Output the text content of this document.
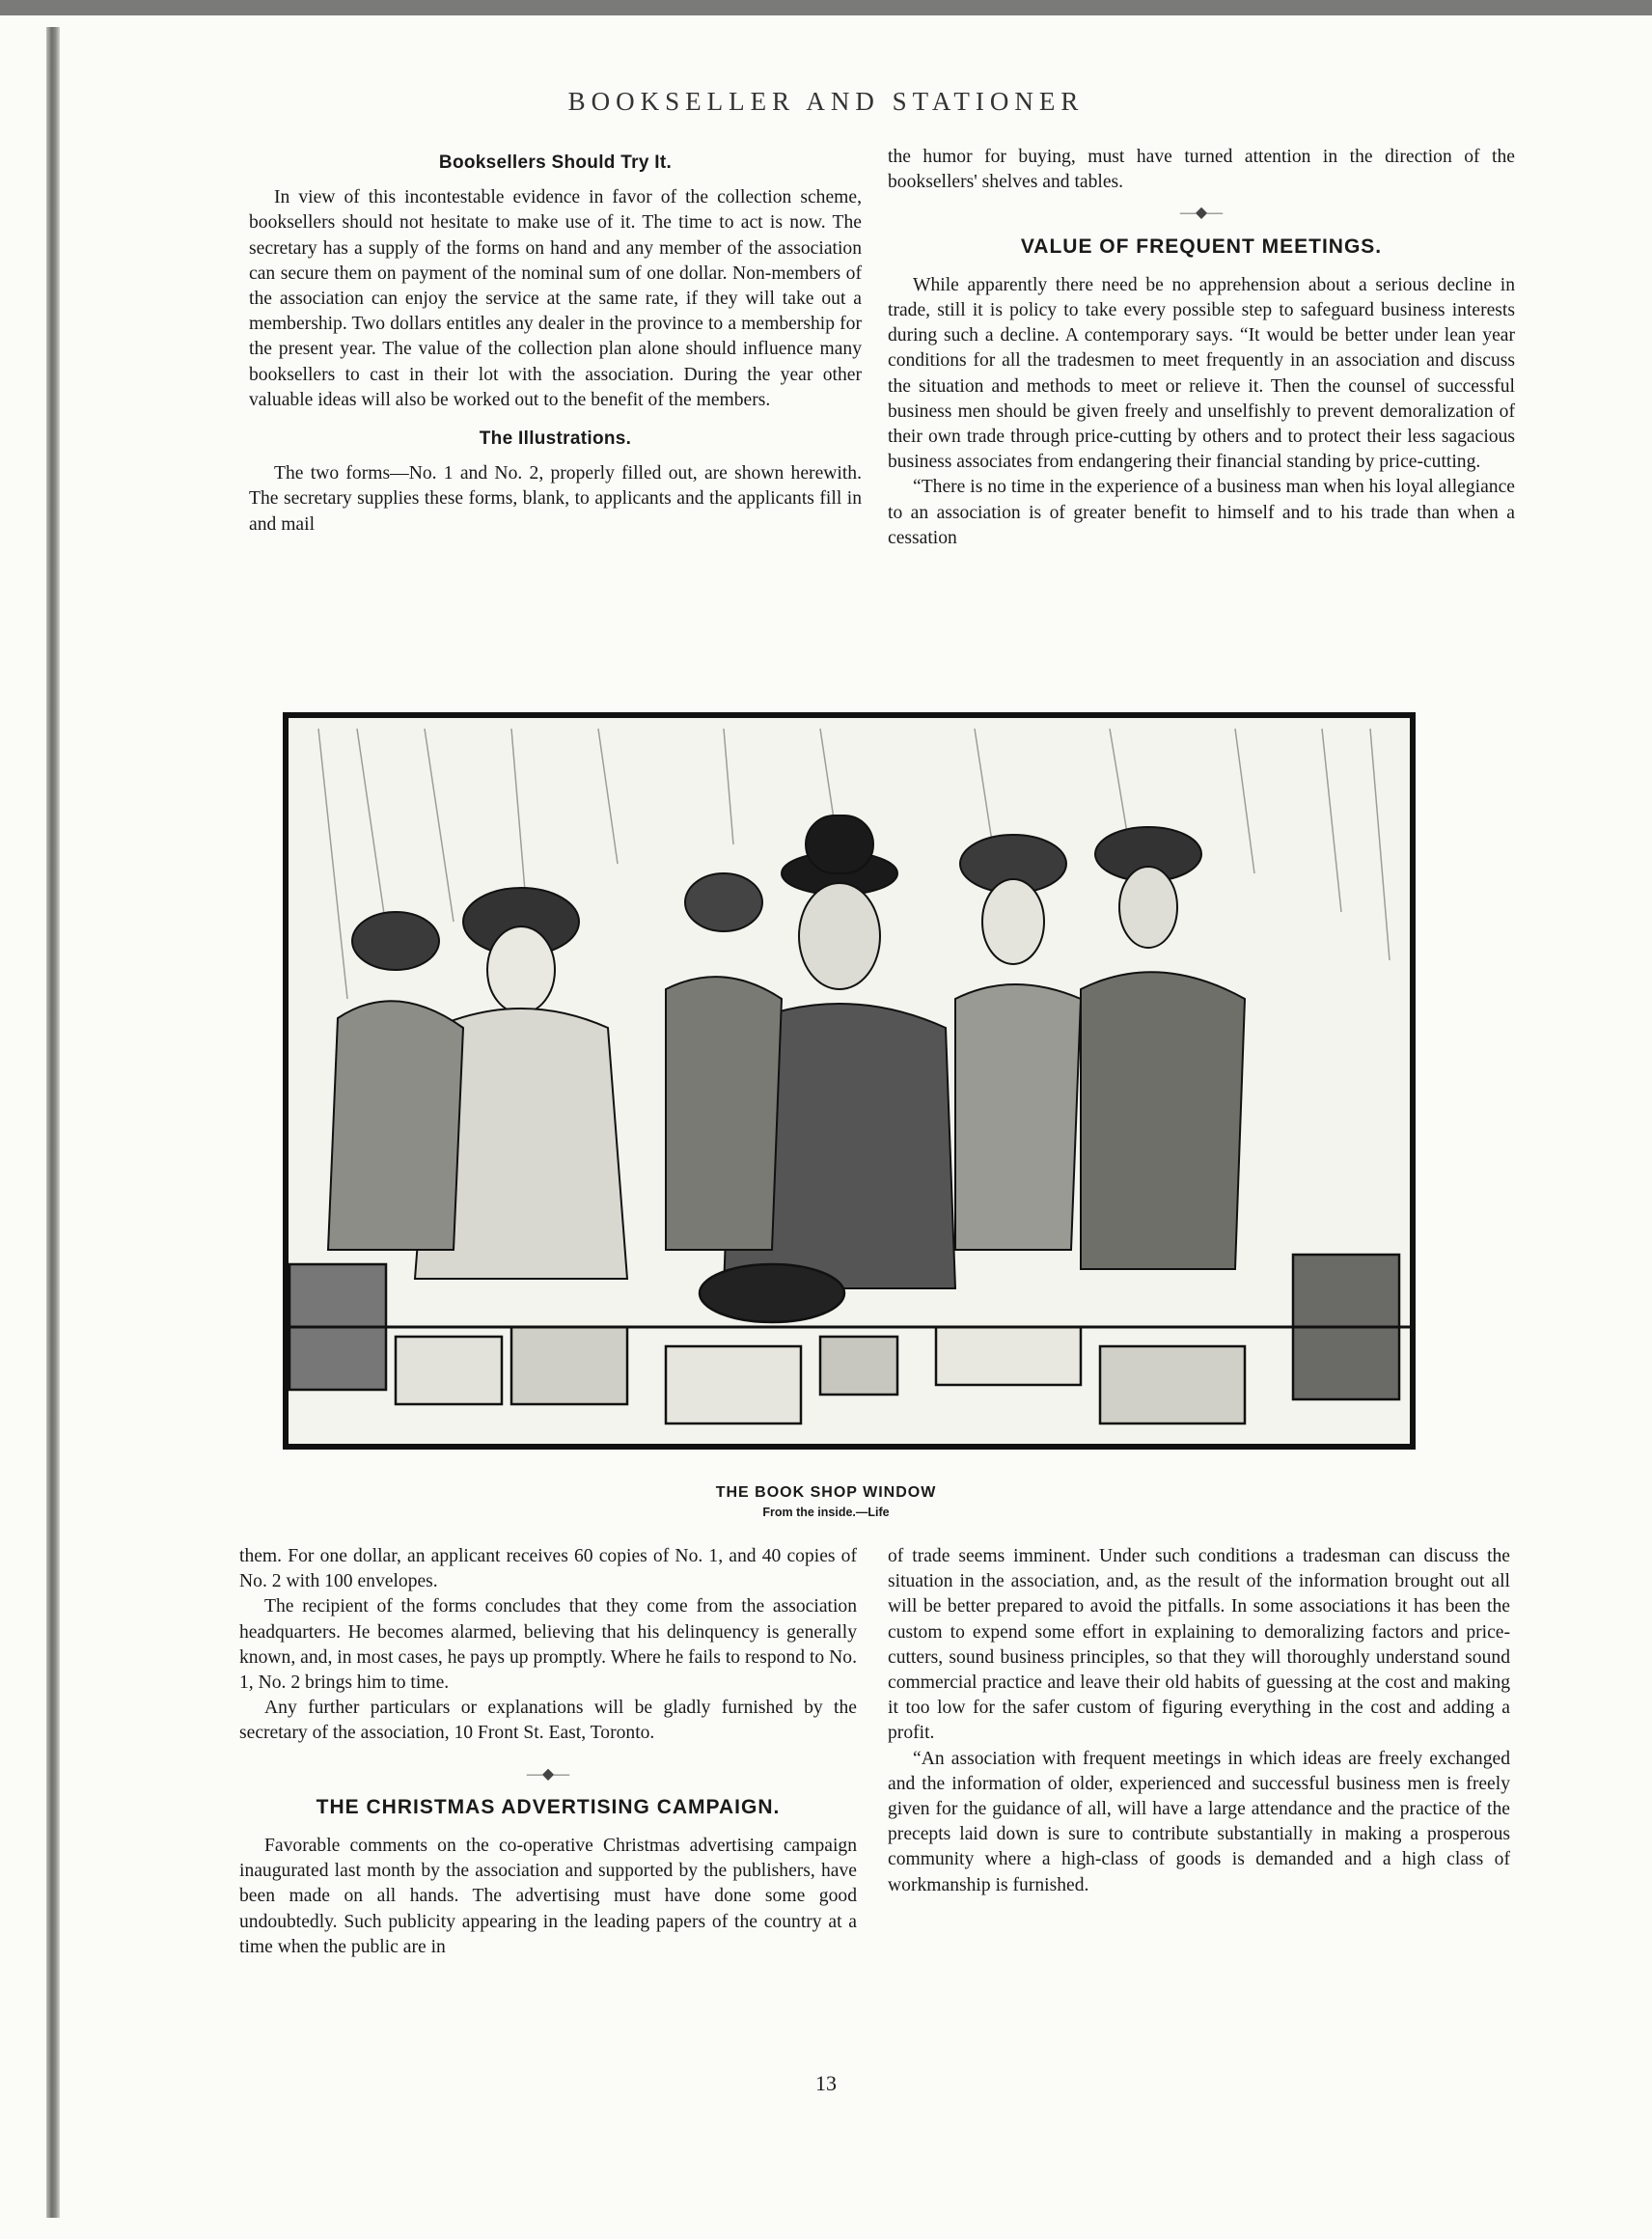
BOOKSELLER AND STATIONER
Booksellers Should Try It.

In view of this incontestable evidence in favor of the collection scheme, booksellers should not hesitate to make use of it. The time to act is now. The secretary has a supply of the forms on hand and any member of the association can secure them on payment of the nominal sum of one dollar. Non-members of the association can enjoy the service at the same rate, if they will take out a membership. Two dollars entitles any dealer in the province to a membership for the present year. The value of the collection plan alone should influence many booksellers to cast in their lot with the association. During the year other valuable ideas will also be worked out to the benefit of the members.

The Illustrations.

The two forms—No. 1 and No. 2, properly filled out, are shown herewith. The secretary supplies these forms, blank, to applicants and the applicants fill in and mail

the humor for buying, must have turned attention in the direction of the booksellers' shelves and tables.

—◆—
VALUE OF FREQUENT MEETINGS.

While apparently there need be no apprehension about a serious decline in trade, still it is policy to take every possible step to safeguard business interests during such a decline. A contemporary says. “It would be better under lean year conditions for all the tradesmen to meet frequently in an association and discuss the situation and methods to meet or relieve it. Then the counsel of successful business men should be given freely and unselfishly to prevent demoralization of their own trade through price-cutting by others and to protect their less sagacious business associates from endangering their financial standing by price-cutting.

“There is no time in the experience of a business man when his loyal allegiance to an association is of greater benefit to himself and to his trade than when a cessation

THE BOOK SHOP WINDOW
From the inside.—Life

them. For one dollar, an applicant receives 60 copies of No. 1, and 40 copies of No. 2 with 100 envelopes.

The recipient of the forms concludes that they come from the association headquarters. He becomes alarmed, believing that his delinquency is generally known, and, in most cases, he pays up promptly. Where he fails to respond to No. 1, No. 2 brings him to time.

Any further particulars or explanations will be gladly furnished by the secretary of the association, 10 Front St. East, Toronto.

—◆—
THE CHRISTMAS ADVERTISING CAMPAIGN.

Favorable comments on the co-operative Christmas advertising campaign inaugurated last month by the association and supported by the publishers, have been made on all hands. The advertising must have done some good undoubtedly. Such publicity appearing in the leading papers of the country at a time when the public are in

of trade seems imminent. Under such conditions a tradesman can discuss the situation in the association, and, as the result of the information brought out all will be better prepared to avoid the pitfalls. In some associations it has been the custom to expend some effort in explaining to demoralizing factors and price-cutters, sound business principles, so that they will thoroughly understand sound commercial practice and leave their old habits of guessing at the cost and making it too low for the safer custom of figuring everything in the cost and adding a profit.

“An association with frequent meetings in which ideas are freely exchanged and the information of older, experienced and successful business men is freely given for the guidance of all, will have a large attendance and the practice of the precepts laid down is sure to contribute substantially in making a prosperous community where a high-class of goods is demanded and a high class of workmanship is furnished.

13
